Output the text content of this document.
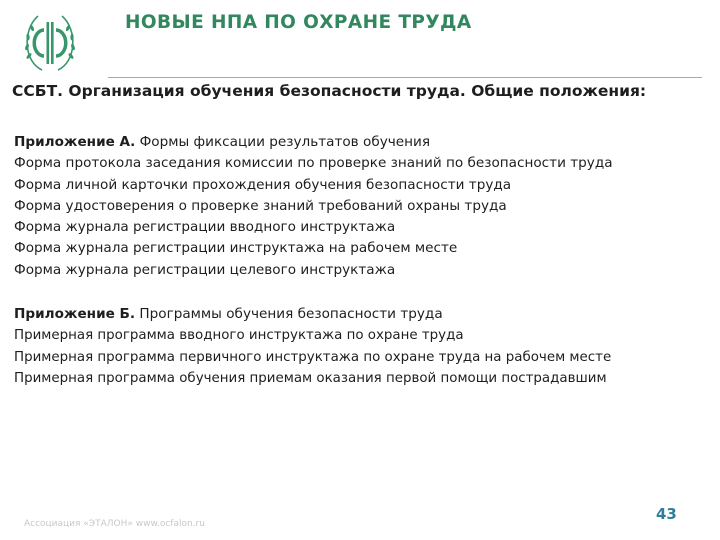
НОВЫЕ НПА ПО ОХРАНЕ ТРУДА
ССБТ. Организация обучения безопасности труда. Общие положения:
Приложение А. Формы фиксации результатов обучения
Форма протокола заседания комиссии по проверке знаний по безопасности труда
Форма личной карточки прохождения обучения безопасности труда
Форма удостоверения о проверке знаний требований охраны труда
Форма журнала регистрации вводного инструктажа
Форма журнала регистрации инструктажа на рабочем месте
Форма журнала регистрации целевого инструктажа
Приложение Б. Программы обучения безопасности труда
Примерная программа вводного инструктажа по охране труда
Примерная программа первичного инструктажа по охране труда на рабочем месте
Примерная программа обучения приемам оказания первой помощи пострадавшим
Ассоциация «ЭТАЛОН» www.ocfalon.ru
43
